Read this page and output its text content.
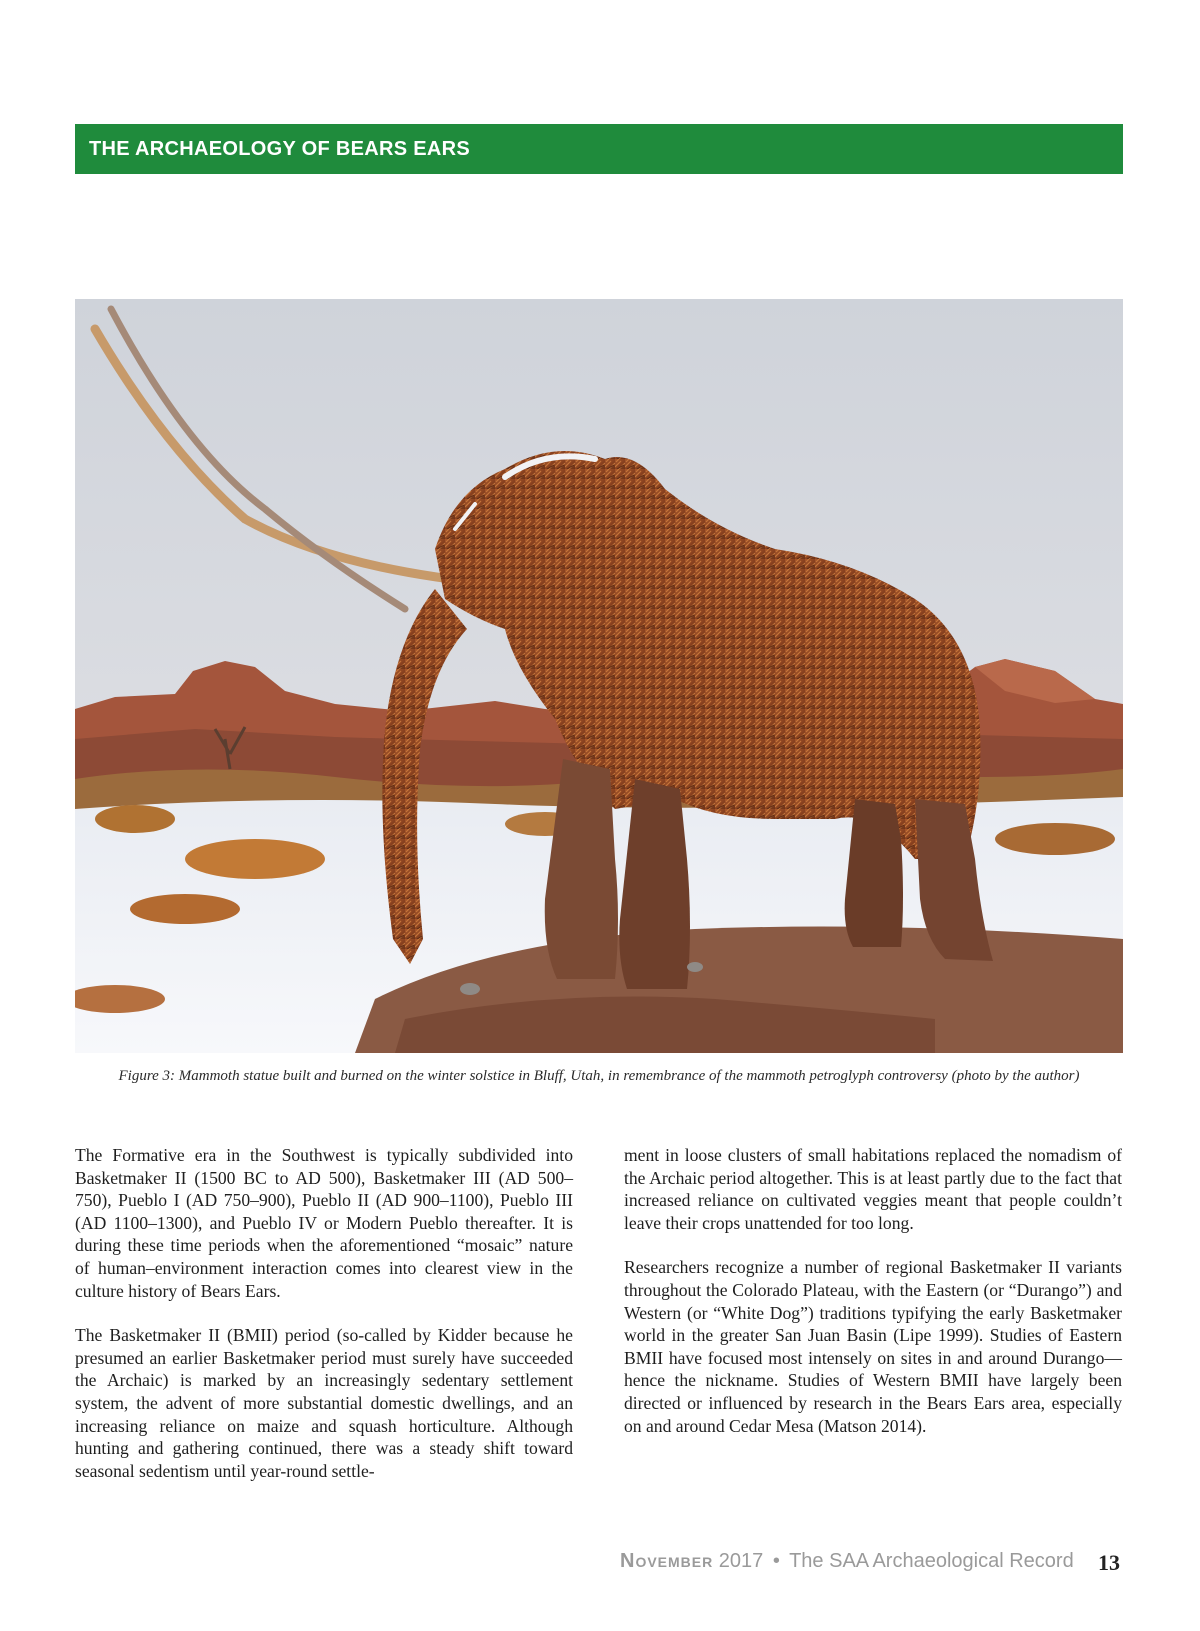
THE ARCHAEOLOGY OF BEARS EARS
Figure 3: Mammoth statue built and burned on the winter solstice in Bluff, Utah, in remembrance of the mammoth petroglyph controversy (photo by the author)

The Formative era in the Southwest is typically subdivided into Basketmaker II (1500 BC to AD 500), Basketmaker III (AD 500–750), Pueblo I (AD 750–900), Pueblo II (AD 900–1100), Pueblo III (AD 1100–1300), and Pueblo IV or Modern Pueblo thereafter. It is during these time periods when the aforementioned “mosaic” nature of human–environment interaction comes into clearest view in the culture history of Bears Ears.

The Basketmaker II (BMII) period (so-called by Kidder because he presumed an earlier Basketmaker period must surely have succeeded the Archaic) is marked by an increasingly sedentary settlement system, the advent of more substantial domestic dwellings, and an increasing reliance on maize and squash horticulture. Although hunting and gathering continued, there was a steady shift toward seasonal sedentism until year-round settle-

ment in loose clusters of small habitations replaced the nomadism of the Archaic period altogether. This is at least partly due to the fact that increased reliance on cultivated veggies meant that people couldn’t leave their crops unattended for too long.

Researchers recognize a number of regional Basketmaker II variants throughout the Colorado Plateau, with the Eastern (or “Durango”) and Western (or “White Dog”) traditions typifying the early Basketmaker world in the greater San Juan Basin (Lipe 1999). Studies of Eastern BMII have focused most intensely on sites in and around Durango—hence the nickname. Studies of Western BMII have largely been directed or influenced by research in the Bears Ears area, especially on and around Cedar Mesa (Matson 2014).

November 2017 • The SAA Archaeological Record	13
